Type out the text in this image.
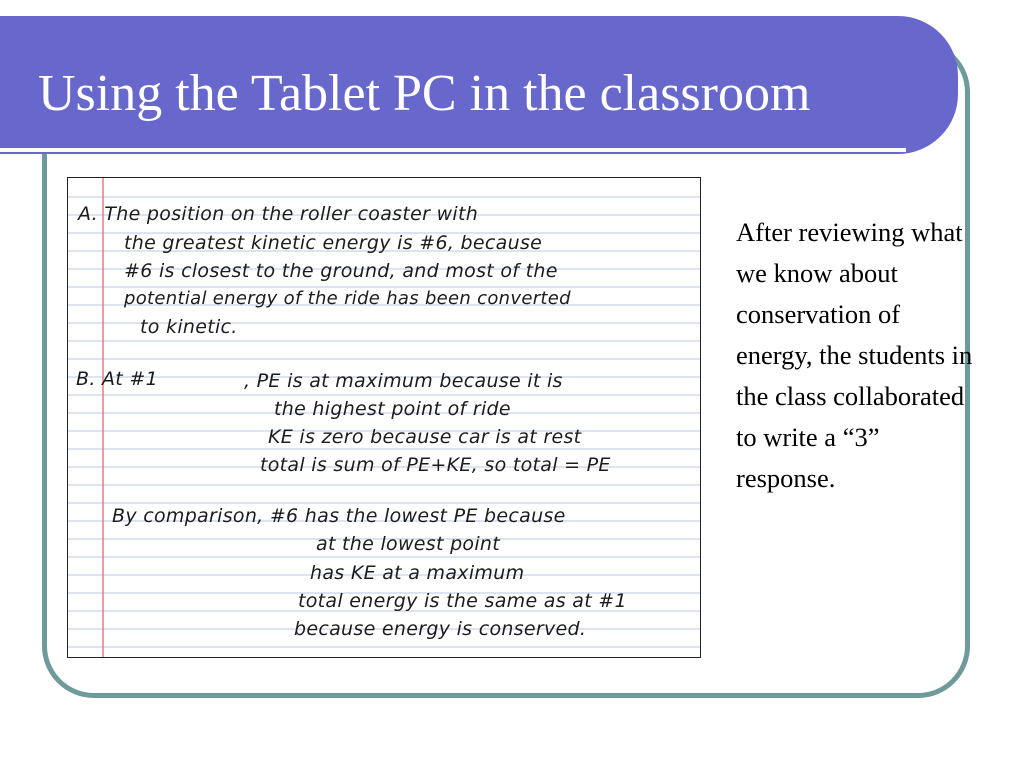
Using the Tablet PC in the classroom
A. The position on the roller coaster with
the greatest kinetic energy is #6, because
#6 is closest to the ground, and most of the
potential energy of the ride has been converted
to kinetic.
B. At #1	, PE is at maximum because it is
the highest point of ride
KE is zero because car is at rest
total is sum of PE+KE, so total = PE
By comparison, #6 has the lowest PE because
at the lowest point
has KE at a maximum
total energy is the same as at #1
because energy is conserved.

After reviewing what we know about conservation of energy, the students in the class collaborated to write a “3” response.
